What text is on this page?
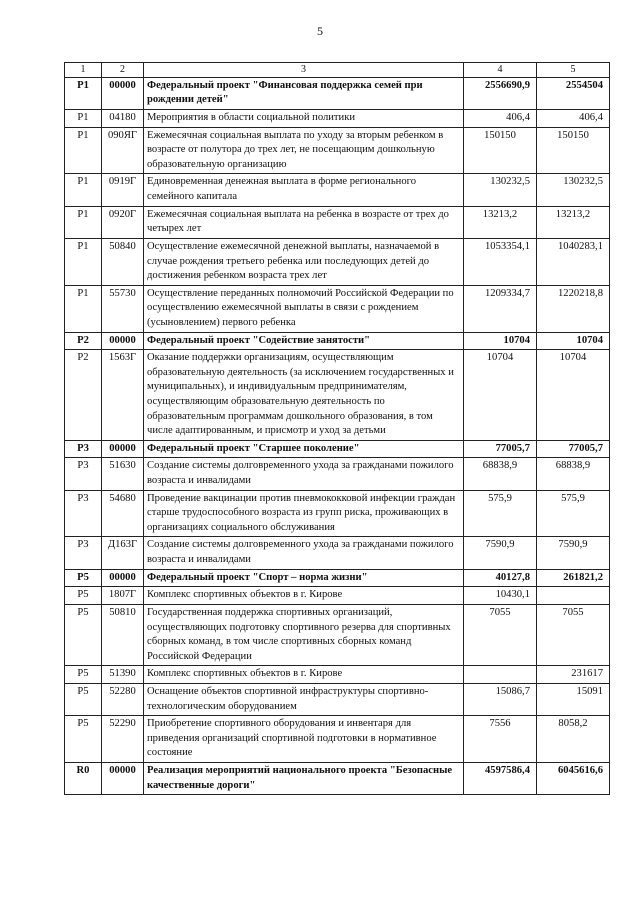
5
1	2	3	4	5
P1	00000	Федеральный проект "Финансовая поддержка семей при рождении детей"	2556690,9	2554504
P1	04180	Мероприятия в области социальной политики	406,4	406,4
P1	090ЯГ	Ежемесячная социальная выплата по уходу за вторым ребенком в возрасте от полутора до трех лет, не посещающим дошкольную образовательную организацию	150150	150150
P1	0919Г	Единовременная денежная выплата в форме регионального семейного капитала	130232,5	130232,5
P1	0920Г	Ежемесячная социальная выплата на ребенка в возрасте от трех до четырех лет	13213,2	13213,2
P1	50840	Осуществление ежемесячной денежной выплаты, назначаемой в случае рождения третьего ребенка или последующих детей до достижения ребенком возраста трех лет	1053354,1	1040283,1
P1	55730	Осуществление переданных полномочий Российской Федерации по осуществлению ежемесячной выплаты в связи с рождением (усыновлением) первого ребенка	1209334,7	1220218,8
P2	00000	Федеральный проект "Содействие занятости"	10704	10704
P2	1563Г	Оказание поддержки организациям, осуществляющим образовательную деятельность (за исключением государственных и муниципальных), и индивидуальным предпринимателям, осуществляющим образовательную деятельность по образовательным программам дошкольного образования, в том числе адаптированным, и присмотр и уход за детьми	10704	10704
P3	00000	Федеральный проект "Старшее поколение"	77005,7	77005,7
P3	51630	Создание системы долговременного ухода за гражданами пожилого возраста и инвалидами	68838,9	68838,9
P3	54680	Проведение вакцинации против пневмококковой инфекции граждан старше трудоспособного возраста из групп риска, проживающих в организациях социального обслуживания	575,9	575,9
P3	Д163Г	Создание системы долговременного ухода за гражданами пожилого возраста и инвалидами	7590,9	7590,9
P5	00000	Федеральный проект "Спорт – норма жизни"	40127,8	261821,2
P5	1807Г	Комплекс спортивных объектов в г. Кирове	10430,1	
P5	50810	Государственная поддержка спортивных организаций, осуществляющих подготовку спортивного резерва для спортивных сборных команд, в том числе спортивных сборных команд Российской Федерации	7055	7055
P5	51390	Комплекс спортивных объектов в г. Кирове		231617
P5	52280	Оснащение объектов спортивной инфраструктуры спортивно-технологическим оборудованием	15086,7	15091
P5	52290	Приобретение спортивного оборудования и инвентаря для приведения организаций спортивной подготовки в нормативное состояние	7556	8058,2
R0	00000	Реализация мероприятий национального проекта "Безопасные качественные дороги"	4597586,4	6045616,6
